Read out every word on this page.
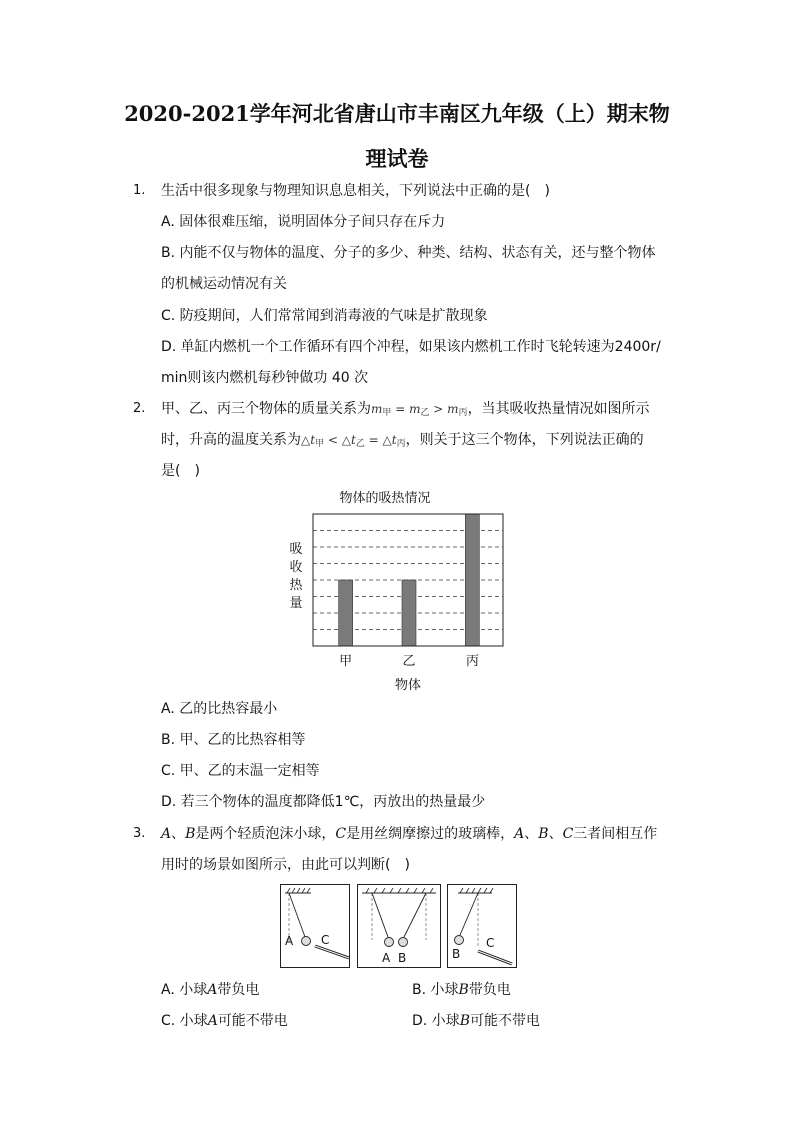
2020-2021学年河北省唐山市丰南区九年级（上）期末物
理试卷
1. 生活中很多现象与物理知识息息相关，下列说法中正确的是(　)
A. 固体很难压缩，说明固体分子间只存在斥力
B. 内能不仅与物体的温度、分子的多少、种类、结构、状态有关，还与整个物体
的机械运动情况有关
C. 防疫期间，人们常常闻到消毒液的气味是扩散现象
D. 单缸内燃机一个工作循环有四个冲程，如果该内燃机工作时飞轮转速为2400r/
min则该内燃机每秒钟做功 40 次
2. 甲、乙、丙三个物体的质量关系为$m_甲 = m_乙 > m_丙$，当其吸收热量情况如图所示
时，升高的温度关系为$\triangle t_甲$ < $\triangle t_乙$ = $\triangle t_丙$，则关于这三个物体，下列说法正确的
是(　)
物体的吸热情况
吸
收
热
量
甲	乙	丙
物体
A. 乙的比热容最小
B. 甲、乙的比热容相等
C. 甲、乙的末温一定相等
D. 若三个物体的温度都降低1℃，丙放出的热量最少
3. A、B是两个轻质泡沫小球，C是用丝绸摩擦过的玻璃棒，A、B、C三者间相互作
用时的场景如图所示，由此可以判断(　)
A C
A B	B
C
A. 小球A带负电	B. 小球B带负电
C. 小球A可能不带电	D. 小球B可能不带电
